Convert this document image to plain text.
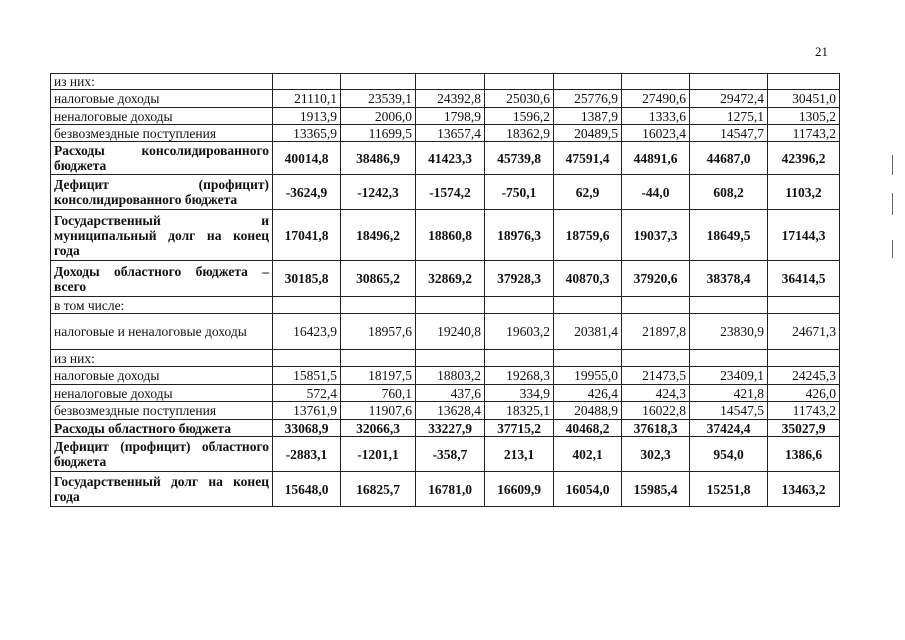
21
из них:								
налоговые доходы	21110,1	23539,1	24392,8	25030,6	25776,9	27490,6	29472,4	30451,0
неналоговые доходы	1913,9	2006,0	1798,9	1596,2	1387,9	1333,6	1275,1	1305,2
безвозмездные поступления	13365,9	11699,5	13657,4	18362,9	20489,5	16023,4	14547,7	11743,2
Расходы консолидированного бюджета	40014,8	38486,9	41423,3	45739,8	47591,4	44891,6	44687,0	42396,2
Дефицит (профицит) консолидированного бюджета	-3624,9	-1242,3	-1574,2	-750,1	62,9	-44,0	608,2	1103,2
Государственный и муниципальный долг на конец года	17041,8	18496,2	18860,8	18976,3	18759,6	19037,3	18649,5	17144,3
Доходы областного бюджета – всего	30185,8	30865,2	32869,2	37928,3	40870,3	37920,6	38378,4	36414,5
в том числе:								
налоговые и неналоговые доходы	16423,9	18957,6	19240,8	19603,2	20381,4	21897,8	23830,9	24671,3
из них:								
налоговые доходы	15851,5	18197,5	18803,2	19268,3	19955,0	21473,5	23409,1	24245,3
неналоговые доходы	572,4	760,1	437,6	334,9	426,4	424,3	421,8	426,0
безвозмездные поступления	13761,9	11907,6	13628,4	18325,1	20488,9	16022,8	14547,5	11743,2
Расходы областного бюджета	33068,9	32066,3	33227,9	37715,2	40468,2	37618,3	37424,4	35027,9
Дефицит (профицит) областного бюджета	-2883,1	-1201,1	-358,7	213,1	402,1	302,3	954,0	1386,6
Государственный долг на конец года	15648,0	16825,7	16781,0	16609,9	16054,0	15985,4	15251,8	13463,2
